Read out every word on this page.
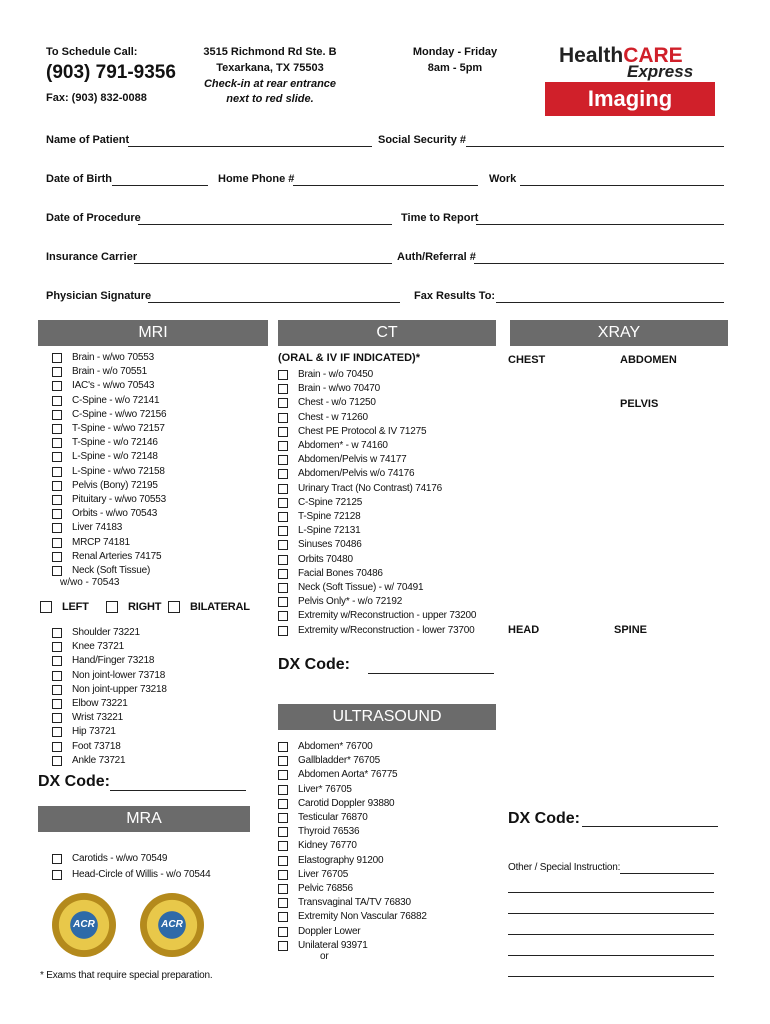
To Schedule Call:
(903) 791-9356
Fax: (903) 832-0088
3515 Richmond Rd Ste. B
Texarkana, TX 75503
Check-in at rear entrance
next to red slide.
Monday - Friday
8am - 5pm
HealthCARE
Express
Imaging
Name of Patient	Social Security #
Date of Birth	Home Phone #	Work
Date of Procedure	Time to Report
Insurance Carrier	Auth/Referral #
Physician Signature	Fax Results To:
MRI	CT	XRAY
Brain - w/wo 70553
Brain - w/o 70551
IAC's - w/wo 70543
C-Spine - w/o 72141
C-Spine - w/wo 72156
T-Spine - w/wo 72157
T-Spine - w/o 72146
L-Spine - w/o 72148
L-Spine - w/wo 72158
Pelvis (Bony) 72195
Pituitary - w/wo 70553
Orbits - w/wo 70543
Liver 74183
MRCP 74181
Renal Arteries 74175
Neck (Soft Tissue)
w/wo - 70543
LEFT	RIGHT	BILATERAL
Shoulder 73221
Knee 73721
Hand/Finger 73218
Non joint-lower 73718
Non joint-upper 73218
Elbow 73221
Wrist 73221
Hip 73721
Foot 73718
Ankle 73721
DX Code:
MRA
Carotids - w/wo 70549
Head-Circle of Willis - w/o 70544
ACR	ACR
* Exams that require special preparation.
(ORAL & IV IF INDICATED)*
Brain - w/o 70450
Brain - w/wo 70470
Chest - w/o 71250
Chest - w 71260
Chest PE Protocol & IV 71275
Abdomen* - w 74160
Abdomen/Pelvis w 74177
Abdomen/Pelvis w/o 74176
Urinary Tract (No Contrast) 74176
C-Spine 72125
T-Spine 72128
L-Spine 72131
Sinuses 70486
Orbits 70480
Facial Bones 70486
Neck (Soft Tissue) - w/ 70491
Pelvis Only* - w/o 72192
Extremity w/Reconstruction - upper 73200
Extremity w/Reconstruction - lower 73700
DX Code:
ULTRASOUND
Abdomen* 76700
Gallbladder* 76705
Abdomen Aorta* 76775
Liver* 76705
Carotid Doppler 93880
Testicular 76870
Thyroid 76536
Kidney 76770
Elastography 91200
Liver 76705
Pelvic 76856
Transvaginal TA/TV 76830
Extremity Non Vascular 76882
Doppler Lower
Unilateral 93971
or
CHEST	ABDOMEN
PELVIS
HEAD	SPINE
DX Code:
Other / Special Instruction:
